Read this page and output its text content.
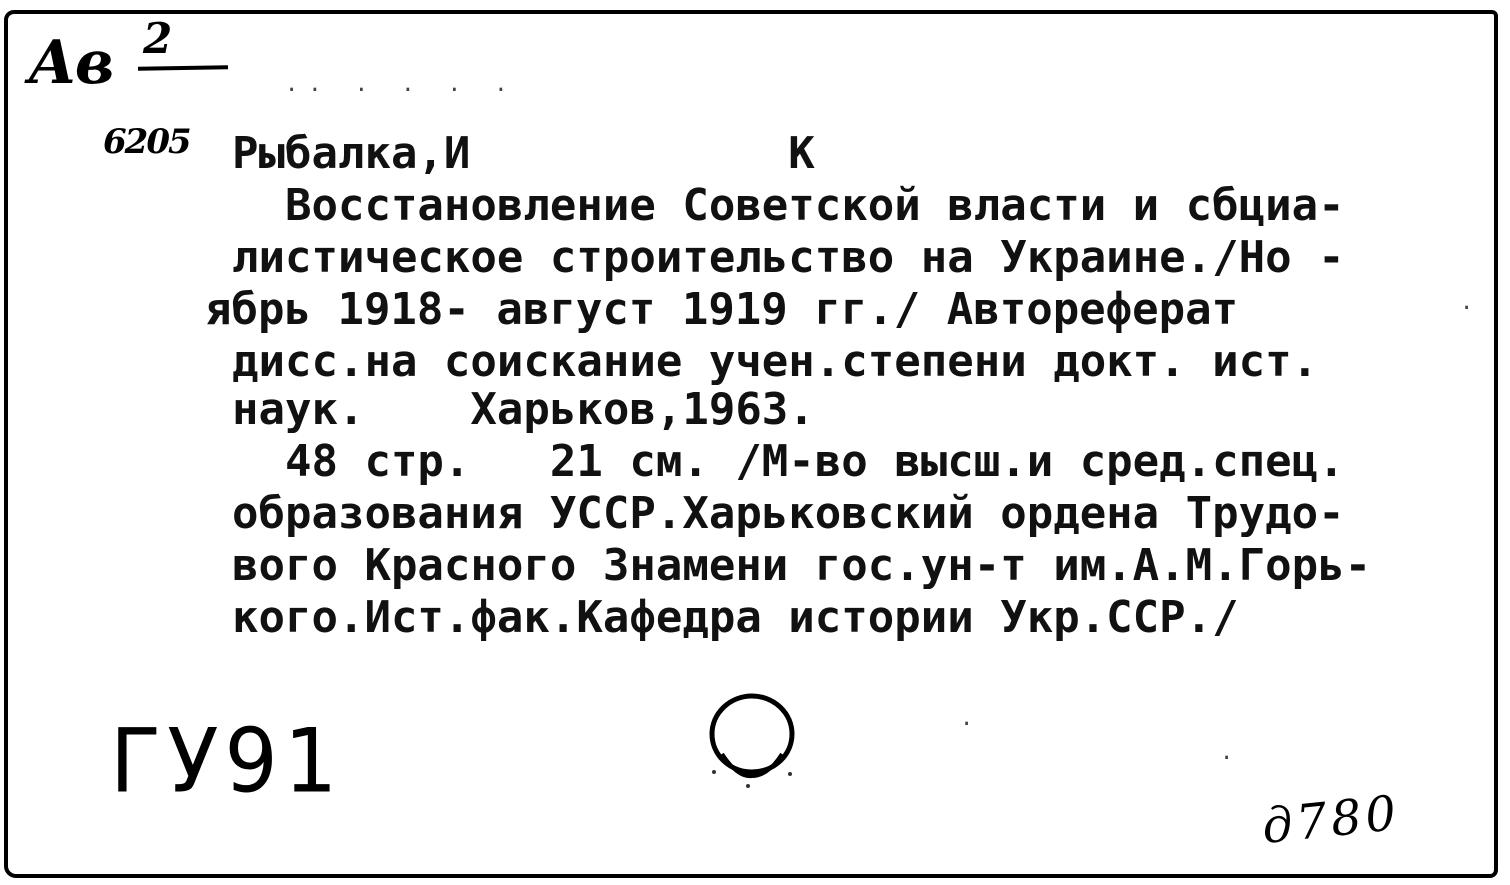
Ав 2
.. . . . .
6205 Рыбалка,И            К
Восстановление Советской власти и сбциа-
листическое строительство на Украине./Но -
ябрь 1918- август 1919 гг./ Автореферат
дисс.на соискание учен.степени докт. ист.
наук.    Харьков,1963.
48 стр.   21 см. /М-во высш.и сред.спец.
образования УССР.Харьковский ордена Трудо-
вого Красного Знамени гос.ун-т им.А.М.Горь-
кого.Ист.фак.Кафедра истории Укр.ССР./
ГУ91
д780
.
.
.
